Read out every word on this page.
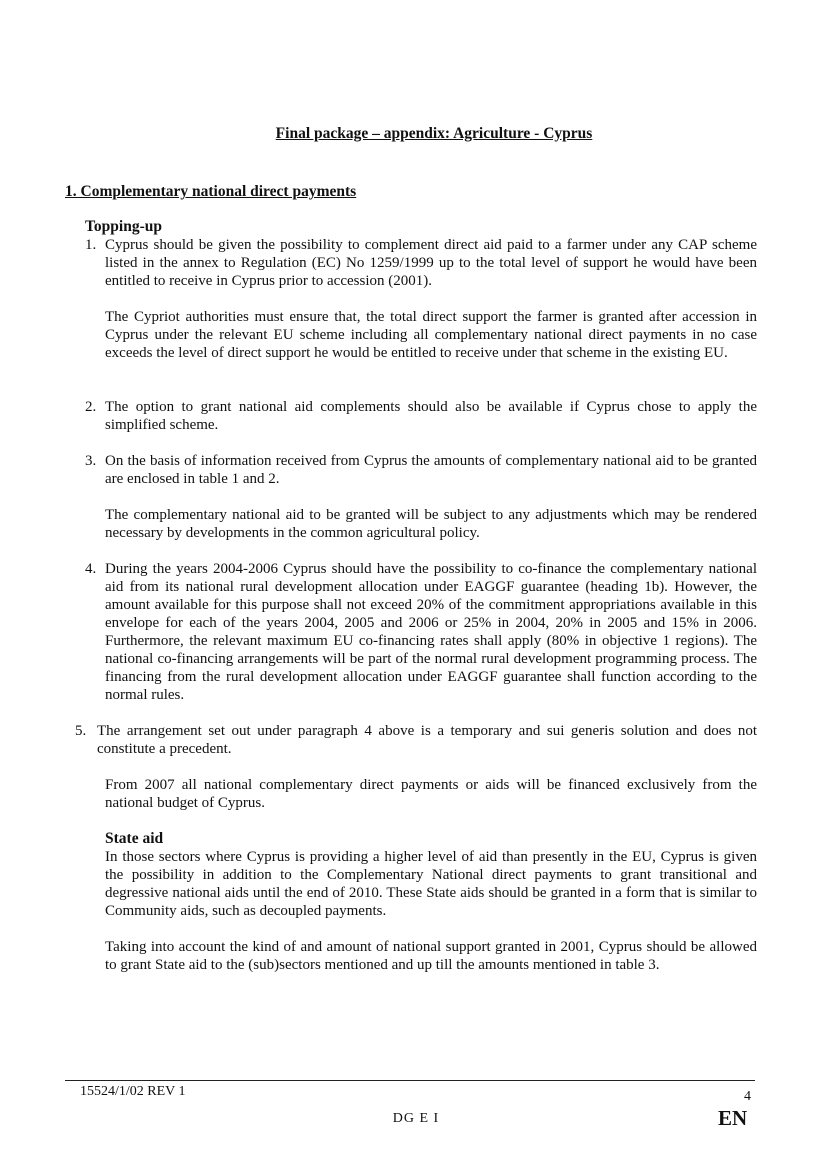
Final package – appendix: Agriculture - Cyprus
1. Complementary national direct payments

Topping-up

1. Cyprus should be given the possibility to complement direct aid paid to a farmer under any CAP scheme listed in the annex to Regulation (EC) No 1259/1999 up to the total level of support he would have been entitled to receive in Cyprus prior to accession (2001).

The Cypriot authorities must ensure that, the total direct support the farmer is granted after accession in Cyprus under the relevant EU scheme including all complementary national direct payments in no case exceeds the level of direct support he would be entitled to receive under that scheme in the existing EU.

2. The option to grant national aid complements should also be available if Cyprus chose to apply the simplified scheme.

3. On the basis of information received from Cyprus the amounts of complementary national aid to be granted are enclosed in table 1 and 2.

The complementary national aid to be granted will be subject to any adjustments which may be rendered necessary by developments in the common agricultural policy.

4. During the years 2004-2006 Cyprus should have the possibility to co-finance the complementary national aid from its national rural development allocation under EAGGF guarantee (heading 1b). However, the amount available for this purpose shall not exceed 20% of the commitment appropriations available in this envelope for each of the years 2004, 2005 and 2006 or 25% in 2004, 20% in 2005 and 15% in 2006. Furthermore, the relevant maximum EU co-financing rates shall apply (80% in objective 1 regions). The national co-financing arrangements will be part of the normal rural development programming process. The financing from the rural development allocation under EAGGF guarantee shall function according to the normal rules.

5. The arrangement set out under paragraph 4 above is a temporary and sui generis solution and does not constitute a precedent.

From 2007 all national complementary direct payments or aids will be financed exclusively from the national budget of Cyprus.

State aid

In those sectors where Cyprus is providing a higher level of aid than presently in the EU, Cyprus is given the possibility in addition to the Complementary National direct payments to grant transitional and degressive national aids until the end of 2010. These State aids should be granted in a form that is similar to Community aids, such as decoupled payments.

Taking into account the kind of and amount of national support granted in 2001, Cyprus should be allowed to grant State aid to the (sub)sectors mentioned and up till the amounts mentioned in table 3.

15524/1/02 REV 1	4
DG E I	EN
